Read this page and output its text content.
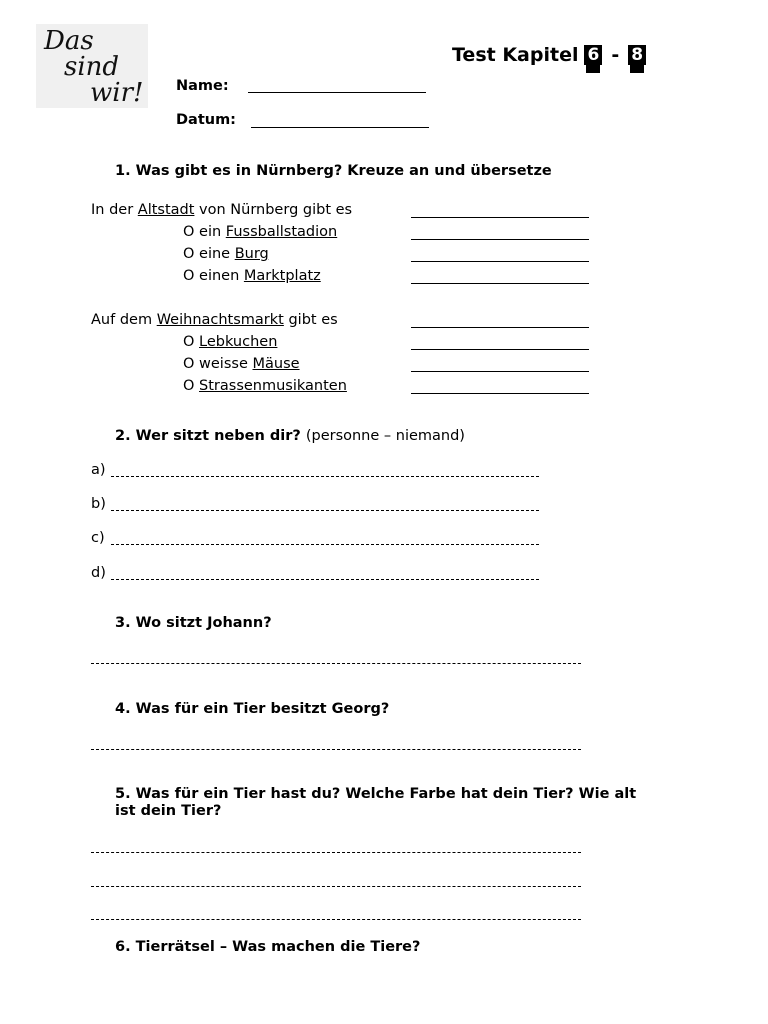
Das
sind
wir!
Test Kapitel 6 - 8
Name:
Datum:
1. Was gibt es in Nürnberg? Kreuze an und übersetze
In der Altstadt von Nürnberg gibt es
O ein Fussballstadion
O eine Burg
O einen Marktplatz
Auf dem Weihnachtsmarkt gibt es
O Lebkuchen
O weisse Mäuse
O Strassenmusikanten
2. Wer sitzt neben dir? (personne – niemand)
a)
b)
c)
d)
3. Wo sitzt Johann?
4. Was für ein Tier besitzt Georg?
5. Was für ein Tier hast du? Welche Farbe hat dein Tier? Wie alt
ist dein Tier?
6. Tierrätsel – Was machen die Tiere?
